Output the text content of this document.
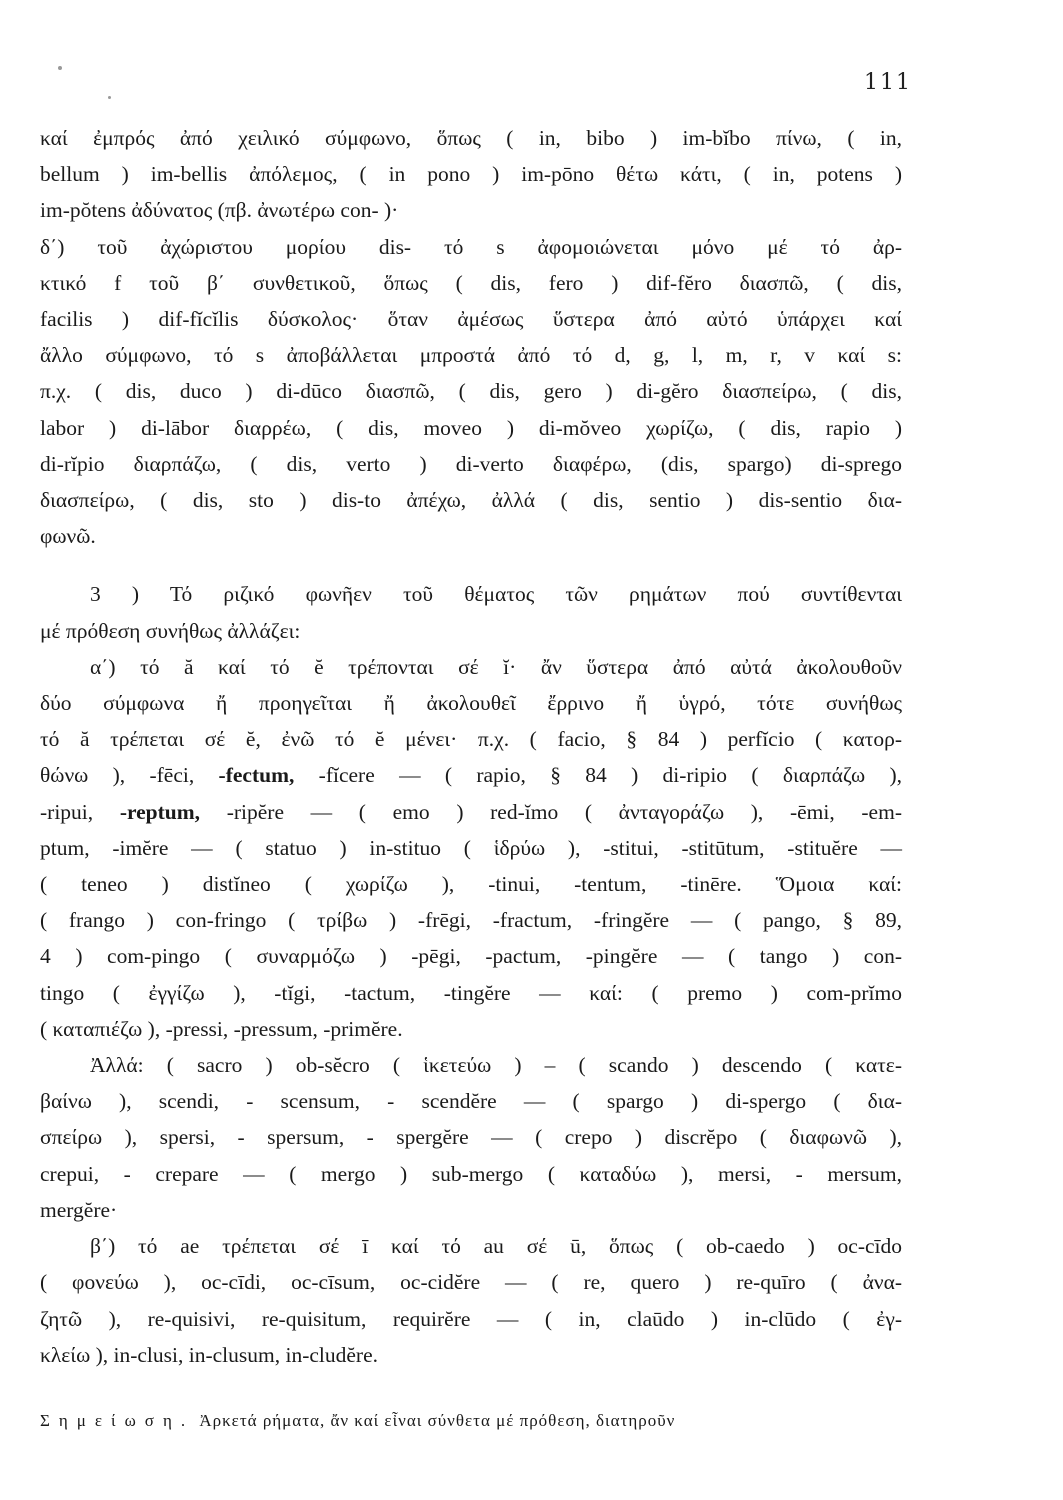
111
καί ἐμπρός ἀπό χειλικό σύμφωνο, ὅπως ( in, bibo ) im-bĭbo πίνω, ( in,
bellum ) im-bellis ἀπόλεμος, ( in pono ) im-pōno θέτω κάτι, ( in, potens )
im-pŏtens ἀδύνατος (πβ. ἀνωτέρω con- )·
δ΄) τοῦ ἀχώριστου μορίου dis- τό s ἀφομοιώνεται μόνο μέ τό ἀρ-
κτικό f τοῦ β΄ συνθετικοῦ, ὅπως ( dis, fero ) dif-fĕro διασπῶ, ( dis,
facilis ) dif-fĭcĭlis δύσκολος· ὅταν ἀμέσως ὕστερα ἀπό αὐτό ὑπάρχει καί
ἄλλο σύμφωνο, τό s ἀποβάλλεται μπροστά ἀπό τό d, g, l, m, r, v καί s:
π.χ. ( dis, duco ) di-dūco διασπῶ, ( dis, gero ) di-gĕro διασπείρω, ( dis,
labor ) di-lābor διαρρέω, ( dis, moveo ) di-mŏveo χωρίζω, ( dis, rapio )
di-rĭpio διαρπάζω, ( dis, verto ) di-verto διαφέρω, (dis, spargo) di-sprego
διασπείρω, ( dis, sto ) dis-to ἀπέχω, ἀλλά ( dis, sentio ) dis-sentio δια-
φωνῶ.
3 ) Τό ριζικό φωνῆεν τοῦ θέματος τῶν ρημάτων πού συντίθενται
μέ πρόθεση συνήθως ἀλλάζει:
α΄) τό ă καί τό ĕ τρέπονται σέ ĭ· ἄν ὕστερα ἀπό αὐτά ἀκολουθοῦν
δύο σύμφωνα ἤ προηγεῖται ἤ ἀκολουθεῖ ἔρρινο ἤ ὑγρό, τότε συνήθως
τό ă τρέπεται σέ ĕ, ἐνῶ τό ĕ μένει· π.χ. ( facio, § 84 ) perfĭcio ( κατορ-
θώνω ), -fēci, -fectum, -fĭcere — ( rapio, § 84 ) di-ripio ( διαρπάζω ),
-ripui, -reptum, -ripĕre — ( emo ) red-ĭmo ( ἀνταγοράζω ), -ēmi, -em-
ptum, -imĕre — ( statuo ) in-stituo ( ἱδρύω ), -stitui, -stitūtum, -stituĕre —
( teneo ) distĭneo ( χωρίζω ), -tinui, -tentum, -tinēre. Ὅμοια καί:
( frango ) con-fringo ( τρίβω ) -frēgi, -fractum, -fringĕre — ( pango, § 89,
4 ) com-pingo ( συναρμόζω ) -pēgi, -pactum, -pingĕre — ( tango ) con-
tingo ( ἐγγίζω ), -tĭgi, -tactum, -tingĕre — καί: ( premo ) com-prĭmo
( καταπιέζω ), -pressi, -pressum, -primĕre.
Ἀλλά: ( sacro ) ob-sĕcro ( ἱκετεύω ) – ( scando ) descendo ( κατε-
βαίνω ), scendi, - scensum, - scendĕre — ( spargo ) di-spergo ( δια-
σπείρω ), spersi, - spersum, - spergĕre — ( crepo ) discrĕpo ( διαφωνῶ ),
crepui, - crepare — ( mergo ) sub-mergo ( καταδύω ), mersi, - mersum,
mergĕre·
β΄) τό ae τρέπεται σέ ī καί τό au σέ ū, ὅπως ( ob-caedo ) oc-cīdo
( φονεύω ), oc-cīdi, oc-cīsum, oc-cidĕre — ( re, quero ) re-quīro ( ἀνα-
ζητῶ ), re-quisivi, re-quisitum, requirĕre — ( in, claūdo ) in-clūdo ( ἐγ-
κλείω ), in-clusi, in-clusum, in-cludĕre.
Σημείωση. Ἀρκετά ρήματα, ἄν καί εἶναι σύνθετα μέ πρόθεση, διατηροῦν
